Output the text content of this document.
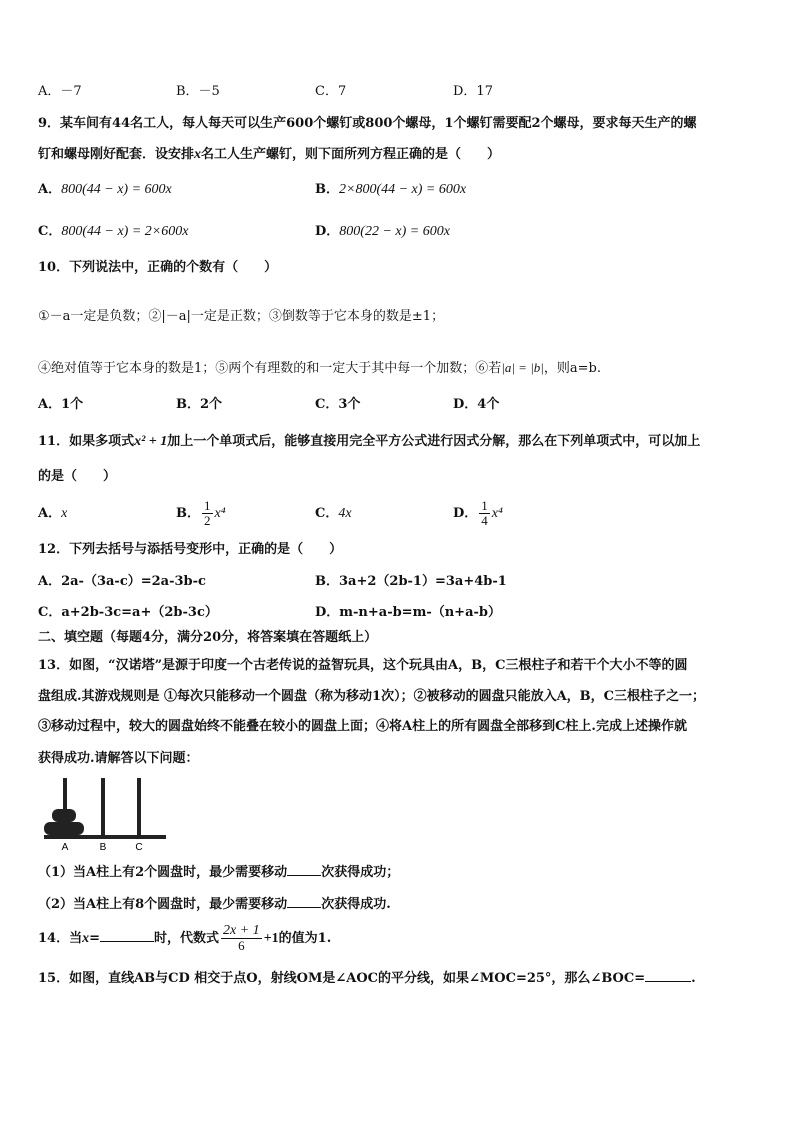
A．－7	B．－5	C．7	D．17
9．某车间有44名工人，每人每天可以生产600个螺钉或800个螺母，1个螺钉需要配2个螺母，要求每天生产的螺
钉和螺母刚好配套．设安排x名工人生产螺钉，则下面所列方程正确的是（　　）
A．800(44 − x) = 600x	B．2×800(44 − x) = 600x
C．800(44 − x) = 2×600x	D．800(22 − x) = 600x
10．下列说法中，正确的个数有（　　）
①－a一定是负数；②|－a|一定是正数；③倒数等于它本身的数是±1；
④绝对值等于它本身的数是1；⑤两个有理数的和一定大于其中每一个加数；⑥若|a| = |b|，则a=b.
A．1个	B．2个	C．3个	D．4个
11．如果多项式x² + 1加上一个单项式后，能够直接用完全平方公式进行因式分解，那么在下列单项式中，可以加上
的是（　　）
A．x	B． $\frac{1}{2} x^4$	C．4x	D． $\frac{1}{4} x^4$
12．下列去括号与添括号变形中，正确的是（　　）
A．2a-（3a-c）=2a-3b-c	B．3a+2（2b-1）=3a+4b-1
C．a+2b-3c=a+（2b-3c）	D．m-n+a-b=m-（n+a-b）
二、填空题（每题4分，满分20分，将答案填在答题纸上）
13．如图，“汉诺塔”是源于印度一个古老传说的益智玩具，这个玩具由A，B，C三根柱子和若干个大小不等的圆
盘组成.其游戏规则是 ①每次只能移动一个圆盘（称为移动1次）；②被移动的圆盘只能放入A，B，C三根柱子之一；
③移动过程中，较大的圆盘始终不能叠在较小的圆盘上面；④将A柱上的所有圆盘全部移到C柱上.完成上述操作就
获得成功.请解答以下问题：
A	B	C
（1）当A柱上有2个圆盘时，最少需要移动	次获得成功；
（2）当A柱上有8个圆盘时，最少需要移动	次获得成功.
14．当x=	时，代数式 $\frac{2x + 1}{6} +1$的值为1.
15．如图，直线AB与CD 相交于点O，射线OM是∠AOC的平分线，如果∠MOC=25°，那么∠BOC=	.
